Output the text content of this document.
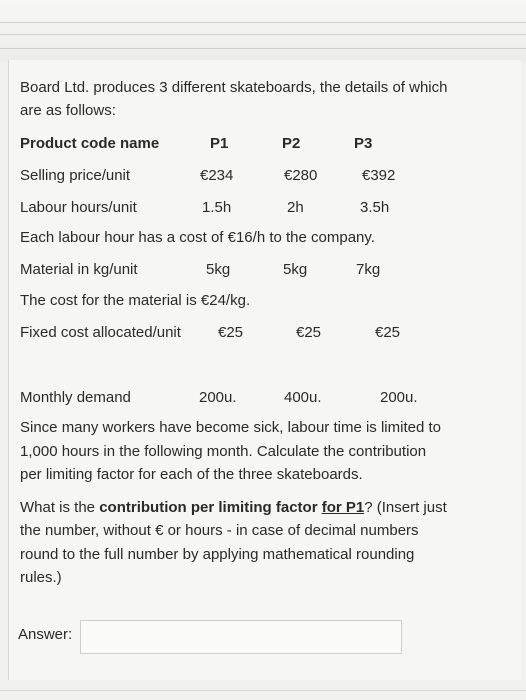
Board Ltd. produces 3 different skateboards, the details of which
are as follows:
Product code name	P1	P2	P3
Selling price/unit	€234	€280	€392
Labour hours/unit	1.5h	2h	3.5h
Each labour hour has a cost of €16/h to the company.
Material in kg/unit	5kg	5kg	7kg
The cost for the material is €24/kg.
Fixed cost allocated/unit €25	€25	€25
Monthly demand	200u.	400u.	200u.
Since many workers have become sick, labour time is limited to
1,000 hours in the following month. Calculate the contribution
per limiting factor for each of the three skateboards.
What is the contribution per limiting factor for P1? (Insert just
the number, without € or hours - in case of decimal numbers
round to the full number by applying mathematical rounding
rules.)
Answer:
